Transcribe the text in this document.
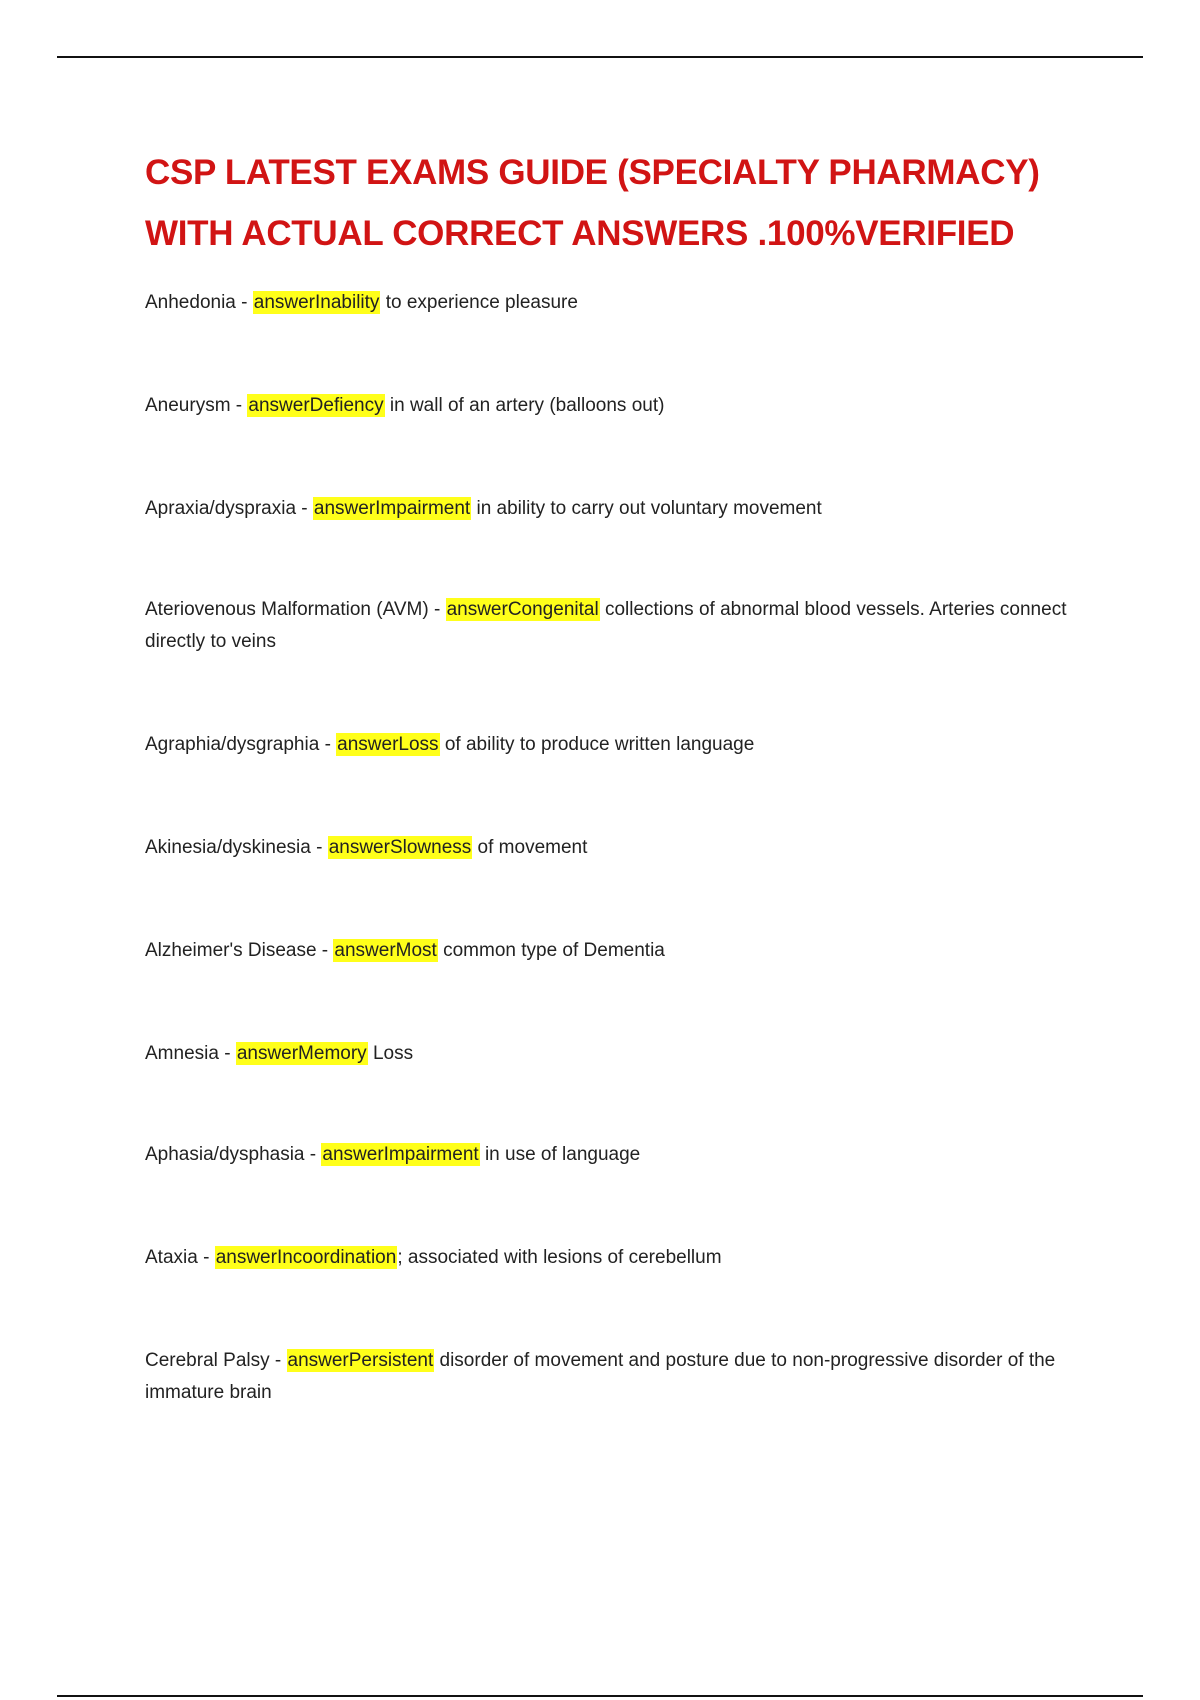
CSP LATEST EXAMS GUIDE (SPECIALTY PHARMACY)
WITH ACTUAL CORRECT ANSWERS .100%VERIFIED

Anhedonia - answerInability to experience pleasure

Aneurysm - answerDefiency in wall of an artery (balloons out)

Apraxia/dyspraxia - answerImpairment in ability to carry out voluntary movement

Ateriovenous Malformation (AVM) - answerCongenital collections of abnormal blood vessels. Arteries connect directly to veins

Agraphia/dysgraphia - answerLoss of ability to produce written language

Akinesia/dyskinesia - answerSlowness of movement

Alzheimer's Disease - answerMost common type of Dementia

Amnesia - answerMemory Loss

Aphasia/dysphasia - answerImpairment in use of language

Ataxia - answerIncoordination; associated with lesions of cerebellum

Cerebral Palsy - answerPersistent disorder of movement and posture due to non-progressive disorder of the immature brain
